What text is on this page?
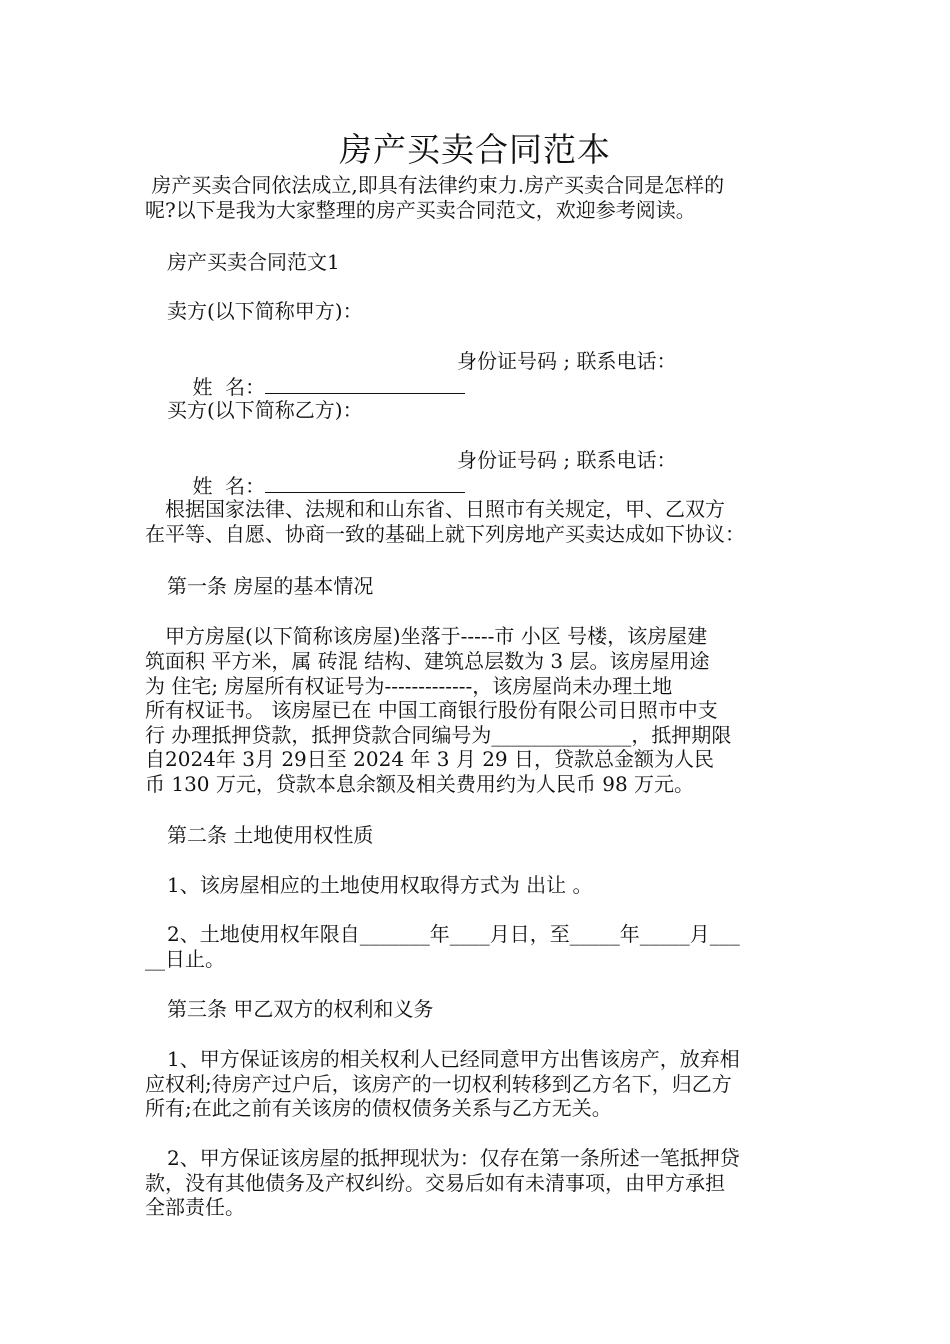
房产买卖合同范本
房产买卖合同依法成立,即具有法律约束力.房产买卖合同是怎样的
呢?以下是我为大家整理的房产买卖合同范文，欢迎参考阅读。
房产买卖合同范文1
卖方(以下简称甲方)：

姓  名：

身份证号码 ; 联系电话：
买方(以下简称乙方)：

姓  名：

身份证号码 ; 联系电话：
根据国家法律、法规和和山东省、日照市有关规定，甲、乙双方
在平等、自愿、协商一致的基础上就下列房地产买卖达成如下协议：
第一条 房屋的基本情况
甲方房屋(以下简称该房屋)坐落于-----市 小区 号楼，该房屋建
筑面积 平方米，属 砖混 结构、建筑总层数为 3 层。该房屋用途
为 住宅; 房屋所有权证号为-------------，该房屋尚未办理土地
所有权证书。 该房屋已在 中国工商银行股份有限公司日照市中支
行 办理抵押贷款，抵押贷款合同编号为______________，抵押期限
自2024年 3月 29日至 2024 年 3 月 29 日，贷款总金额为人民
币 130 万元，贷款本息余额及相关费用约为人民币 98 万元。
第二条 土地使用权性质
1、该房屋相应的土地使用权取得方式为 出让 。
2、土地使用权年限自_______年____月日，至_____年_____月___
__日止。
第三条 甲乙双方的权利和义务
1、甲方保证该房的相关权利人已经同意甲方出售该房产，放弃相
应权利;待房产过户后，该房产的一切权利转移到乙方名下，归乙方
所有;在此之前有关该房的债权债务关系与乙方无关。
2、甲方保证该房屋的抵押现状为：仅存在第一条所述一笔抵押贷
款，没有其他债务及产权纠纷。交易后如有未清事项，由甲方承担
全部责任。
